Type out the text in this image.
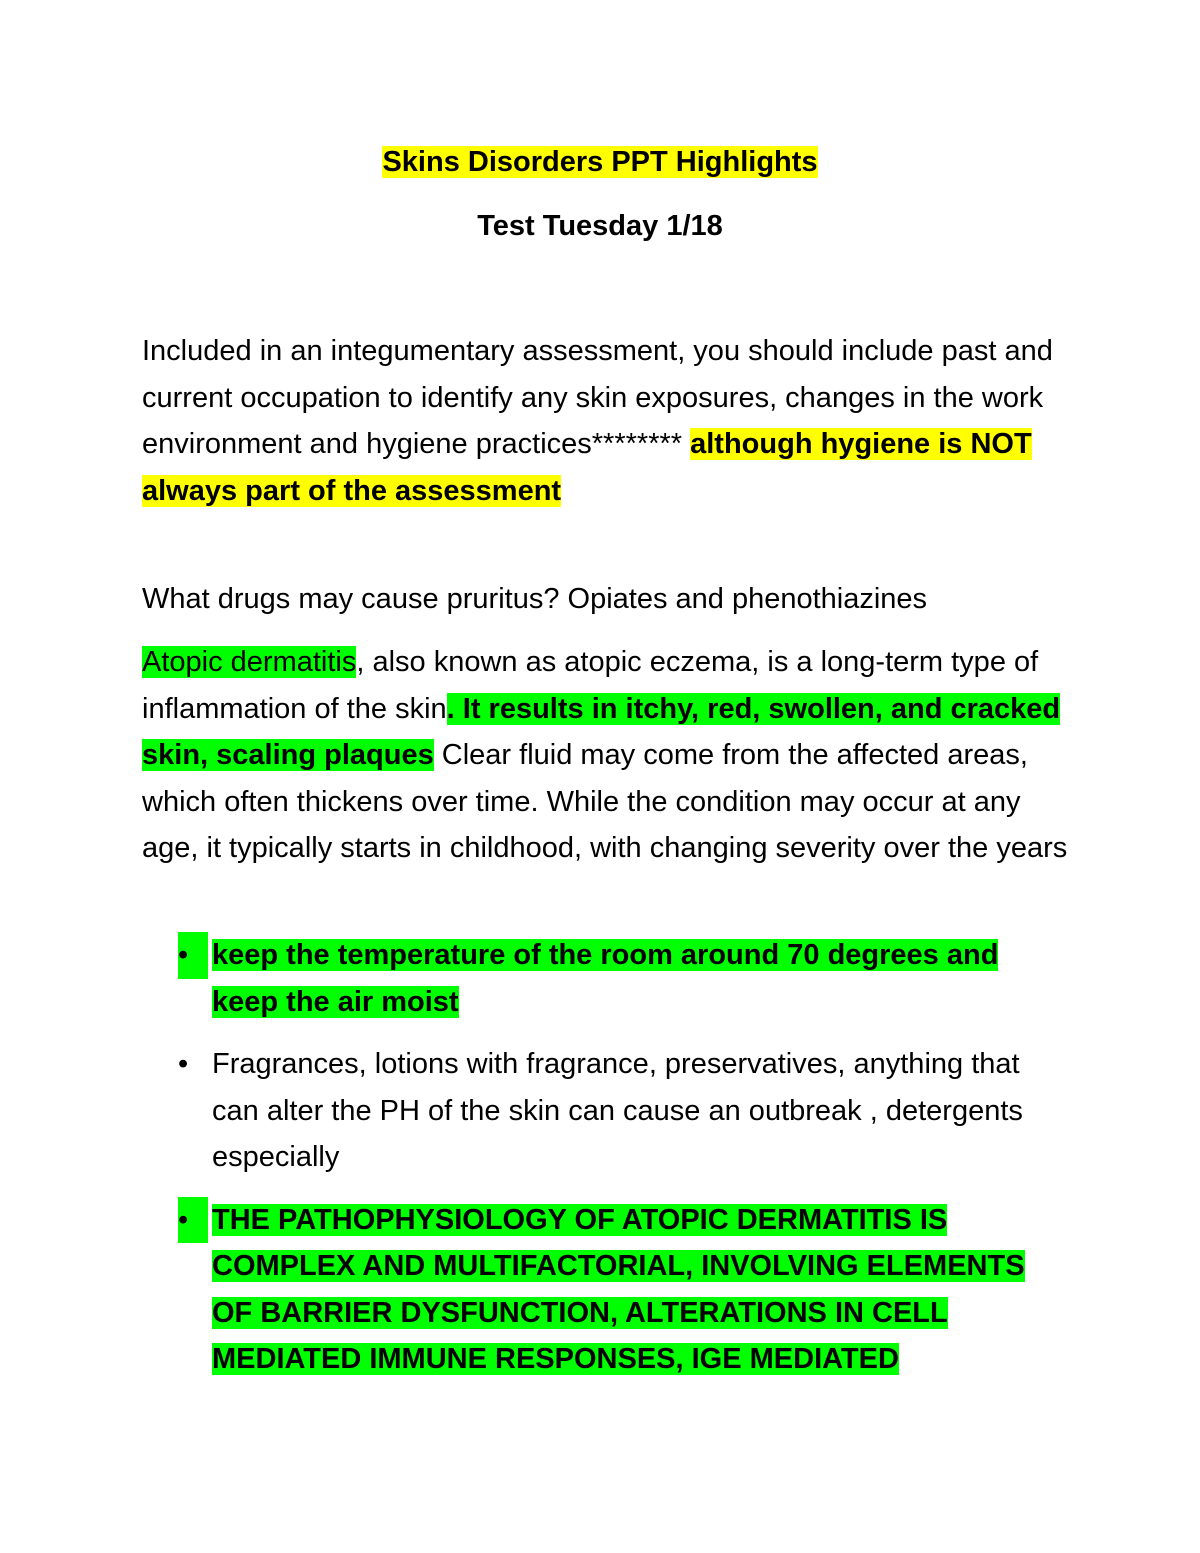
Skins Disorders PPT Highlights
Test Tuesday 1/18
Included in an integumentary assessment, you should include past and current occupation to identify any skin exposures, changes in the work environment and hygiene practices******** although hygiene is NOT always part of the assessment
What drugs may cause pruritus? Opiates and phenothiazines
Atopic dermatitis, also known as atopic eczema, is a long-term type of inflammation of the skin. It results in itchy, red, swollen, and cracked skin, scaling plaques Clear fluid may come from the affected areas, which often thickens over time. While the condition may occur at any age, it typically starts in childhood, with changing severity over the years
• keep the temperature of the room around 70 degrees and keep the air moist
• Fragrances, lotions with fragrance, preservatives, anything that can alter the PH of the skin can cause an outbreak , detergents especially
• THE PATHOPHYSIOLOGY OF ATOPIC DERMATITIS IS COMPLEX AND MULTIFACTORIAL, INVOLVING ELEMENTS OF BARRIER DYSFUNCTION, ALTERATIONS IN CELL MEDIATED IMMUNE RESPONSES, IGE MEDIATED
